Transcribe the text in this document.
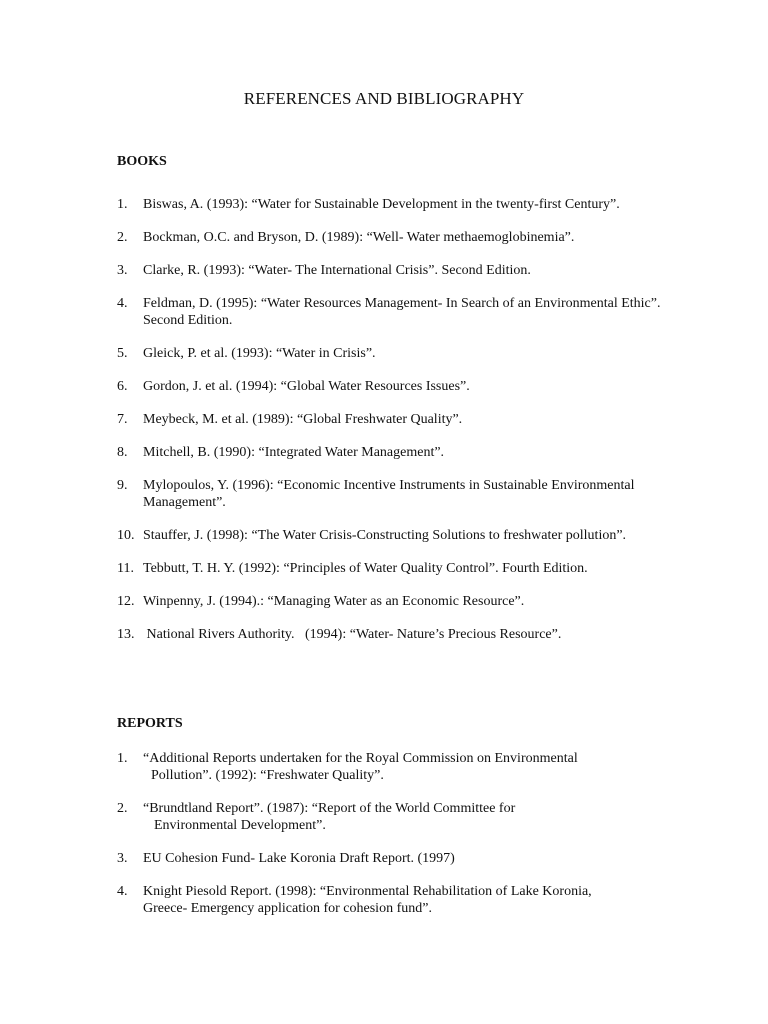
REFERENCES AND BIBLIOGRAPHY
BOOKS
1.	Biswas, A. (1993): “Water for Sustainable Development in the twenty-first Century”.
2.	Bockman, O.C. and Bryson, D. (1989): “Well- Water methaemoglobinemia”.
3.	Clarke, R. (1993): “Water- The International Crisis”. Second Edition.
4.	Feldman, D. (1995): “Water Resources Management- In Search of an Environmental Ethic”. Second Edition.
5.	Gleick, P. et al. (1993): “Water in Crisis”.
6.	Gordon, J. et al. (1994): “Global Water Resources Issues”.
7.	Meybeck, M. et al. (1989): “Global Freshwater Quality”.
8.	Mitchell, B. (1990): “Integrated Water Management”.
9.	Mylopoulos, Y. (1996): “Economic Incentive Instruments in Sustainable Environmental Management”.
10. Stauffer, J. (1998): “The Water Crisis-Constructing Solutions to freshwater pollution”.
11. Tebbutt, T. H. Y. (1992): “Principles of Water Quality Control”. Fourth Edition.
12. Winpenny, J. (1994).: “Managing Water as an Economic Resource”.
13. National Rivers Authority.   (1994): “Water- Nature’s Precious Resource”.
REPORTS
1.	“Additional Reports undertaken for the Royal Commission on Environmental
Pollution”. (1992): “Freshwater Quality”.
2.	“Brundtland Report”. (1987): “Report of the World Committee for
Environmental Development”.
3.	EU Cohesion Fund- Lake Koronia Draft Report. (1997)
4.	Knight Piesold Report. (1998): “Environmental Rehabilitation of Lake Koronia,
Greece- Emergency application for cohesion fund”.
